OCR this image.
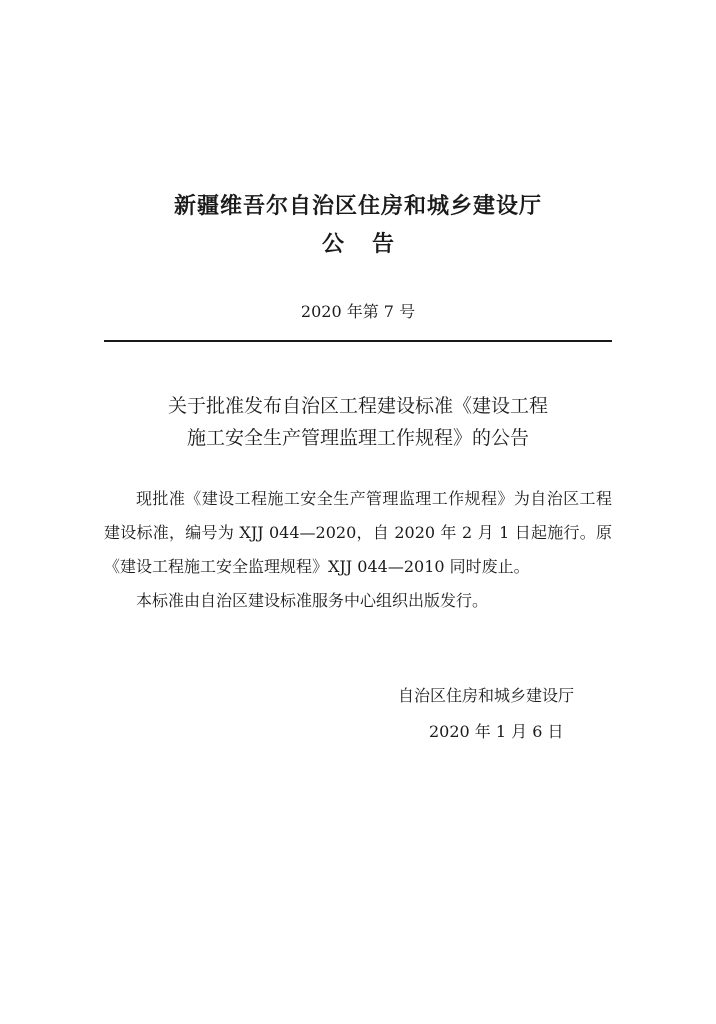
新疆维吾尔自治区住房和城乡建设厅
公告
2020 年第 7 号
关于批准发布自治区工程建设标准《建设工程
施工安全生产管理监理工作规程》的公告

现批准《建设工程施工安全生产管理监理工作规程》为自治区工程建设标准，编号为 XJJ 044—2020，自 2020 年 2 月 1 日起施行。原《建设工程施工安全监理规程》XJJ 044—2010 同时废止。

本标准由自治区建设标准服务中心组织出版发行。

自治区住房和城乡建设厅
2020 年 1 月 6 日
